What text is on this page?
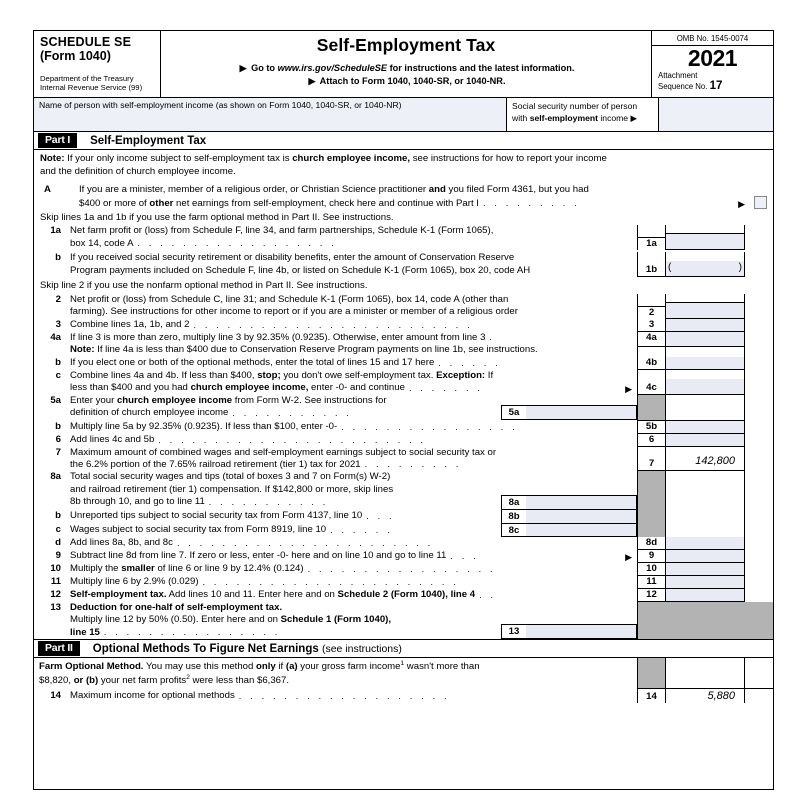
SCHEDULE SE
(Form 1040)
Department of the Treasury
Internal Revenue Service (99)
Self-Employment Tax
▶ Go to www.irs.gov/ScheduleSE for instructions and the latest information.
▶ Attach to Form 1040, 1040-SR, or 1040-NR.
OMB No. 1545-0074
2021
Attachment
Sequence No. 17
Name of person with self-employment income (as shown on Form 1040, 1040-SR, or 1040-NR)	Social security number of person
with self-employment income ▶
Part I	Self-Employment Tax
Note: If your only income subject to self-employment tax is church employee income, see instructions for how to report your income
and the definition of church employee income.
A	If you are a minister, member of a religious order, or Christian Science practitioner and you filed Form 4361, but you had
$400 or more of other net earnings from self-employment, check here and continue with Part I . . . . . . . . .	▶
Skip lines 1a and 1b if you use the farm optional method in Part II. See instructions.
1a Net farm profit or (loss) from Schedule F, line 34, and farm partnerships, Schedule K-1 (Form 1065),
box 14, code A . . . . . . . . . . . . . . . . . .	1a
b If you received social security retirement or disability benefits, enter the amount of Conservation Reserve
Program payments included on Schedule F, line 4b, or listed on Schedule K-1 (Form 1065), box 20, code AH	1b	(	)
Skip line 2 if you use the nonfarm optional method in Part II. See instructions.
2 Net profit or (loss) from Schedule C, line 31; and Schedule K-1 (Form 1065), box 14, code A (other than
farming). See instructions for other income to report or if you are a minister or member of a religious order	2
3 Combine lines 1a, 1b, and 2 . . . . . . . . . . . . . . . . . . . . . . . . .	3
4a If line 3 is more than zero, multiply line 3 by 92.35% (0.9235). Otherwise, enter amount from line 3 .
Note: If line 4a is less than $400 due to Conservation Reserve Program payments on line 1b, see instructions.
4a
b If you elect one or both of the optional methods, enter the total of lines 15 and 17 here . . . . . .	4b
c Combine lines 4a and 4b. If less than $400, stop; you don't owe self-employment tax. Exception: If
less than $400 and you had church employee income, enter -0- and continue . . . . . . .	▶	4c
5a Enter your church employee income from Form W-2. See instructions for
definition of church employee income . . . . . . . . . . .	5a
b Multiply line 5a by 92.35% (0.9235). If less than $100, enter -0- . . . . . . . . . . . . . . . .	5b
6 Add lines 4c and 5b . . . . . . . . . . . . . . . . . . . . . . . .	6
7 Maximum amount of combined wages and self-employment earnings subject to social security tax or
the 6.2% portion of the 7.65% railroad retirement (tier 1) tax for 2021 . . . . . . . . .	7	142,800
8a Total social security wages and tips (total of boxes 3 and 7 on Form(s) W-2)
and railroad retirement (tier 1) compensation. If $142,800 or more, skip lines
8b through 10, and go to line 11 . . . . . . . . . . .	8a
b Unreported tips subject to social security tax from Form 4137, line 10 . . .	8b
c Wages subject to social security tax from Form 8919, line 10 . . . . . .	8c
d Add lines 8a, 8b, and 8c . . . . . . . . . . . . . . . . . . . . . . .	8d
9 Subtract line 8d from line 7. If zero or less, enter -0- here and on line 10 and go to line 11 . . .	▶	9
10 Multiply the smaller of line 6 or line 9 by 12.4% (0.124) . . . . . . . . . . . . . . . . .	10
11 Multiply line 6 by 2.9% (0.029) . . . . . . . . . . . . . . . . . . . . . . .	11
12 Self-employment tax. Add lines 10 and 11. Enter here and on Schedule 2 (Form 1040), line 4 . .	12
13 Deduction for one-half of self-employment tax.
Multiply line 12 by 50% (0.50). Enter here and on Schedule 1 (Form 1040),
line 15 . . . . . . . . . . . . . . . .	13
Part II	Optional Methods To Figure Net Earnings (see instructions)
Farm Optional Method. You may use this method only if (a) your gross farm income$^1$ wasn't more than
$8,820, or (b) your net farm profits$^2$ were less than $6,367.
14 Maximum income for optional methods . . . . . . . . . . . . . . . . . . .	14	5,880
